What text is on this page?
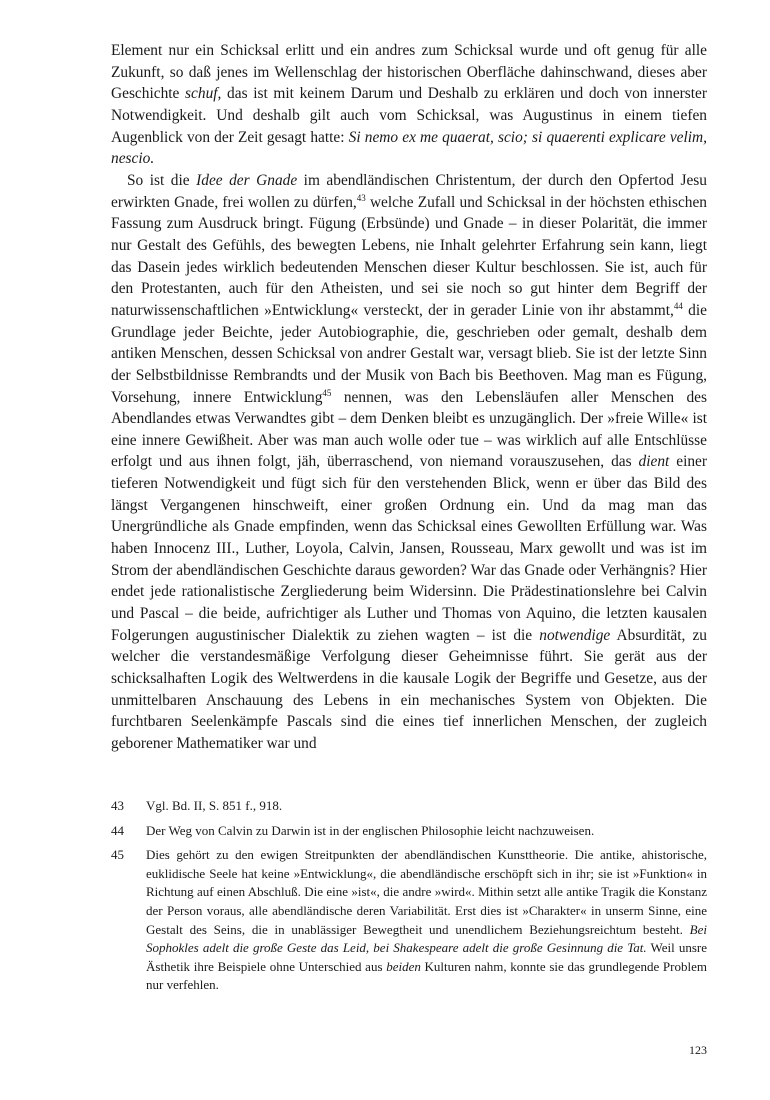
Element nur ein Schicksal erlitt und ein andres zum Schicksal wurde und oft genug für alle Zukunft, so daß jenes im Wellenschlag der historischen Oberfläche dahinschwand, dieses aber Geschichte schuf, das ist mit keinem Darum und Deshalb zu erklären und doch von innerster Notwendigkeit. Und deshalb gilt auch vom Schicksal, was Augustinus in einem tiefen Augenblick von der Zeit gesagt hatte: Si nemo ex me quaerat, scio; si quaerenti explicare velim, nescio.

So ist die Idee der Gnade im abendländischen Christentum, der durch den Opfertod Jesu erwirkten Gnade, frei wollen zu dürfen,$^{43}$ welche Zufall und Schicksal in der höchsten ethischen Fassung zum Ausdruck bringt. Fügung (Erbsünde) und Gnade – in dieser Polarität, die immer nur Gestalt des Gefühls, des bewegten Lebens, nie Inhalt gelehrter Erfahrung sein kann, liegt das Dasein jedes wirklich bedeutenden Menschen dieser Kultur beschlossen. Sie ist, auch für den Protestanten, auch für den Atheisten, und sei sie noch so gut hinter dem Begriff der naturwissenschaftlichen »Entwicklung« versteckt, der in gerader Linie von ihr abstammt,$^{44}$ die Grundlage jeder Beichte, jeder Autobiographie, die, geschrieben oder gemalt, deshalb dem antiken Menschen, dessen Schicksal von andrer Gestalt war, versagt blieb. Sie ist der letzte Sinn der Selbstbildnisse Rembrandts und der Musik von Bach bis Beethoven. Mag man es Fügung, Vorsehung, innere Entwicklung$^{45}$ nennen, was den Lebensläufen aller Menschen des Abendlandes etwas Verwandtes gibt – dem Denken bleibt es unzugänglich. Der »freie Wille« ist eine innere Gewißheit. Aber was man auch wolle oder tue – was wirklich auf alle Entschlüsse erfolgt und aus ihnen folgt, jäh, überraschend, von niemand vorauszusehen, das dient einer tieferen Notwendigkeit und fügt sich für den verstehenden Blick, wenn er über das Bild des längst Vergangenen hinschweift, einer großen Ordnung ein. Und da mag man das Unergründliche als Gnade empfinden, wenn das Schicksal eines Gewollten Erfüllung war. Was haben Innocenz III., Luther, Loyola, Calvin, Jansen, Rousseau, Marx gewollt und was ist im Strom der abendländischen Geschichte daraus geworden? War das Gnade oder Verhängnis? Hier endet jede rationalistische Zergliederung beim Widersinn. Die Prädestinationslehre bei Calvin und Pascal – die beide, aufrichtiger als Luther und Thomas von Aquino, die letzten kausalen Folgerungen augustinischer Dialektik zu ziehen wagten – ist die notwendige Absurdität, zu welcher die verstandesmäßige Verfolgung dieser Geheimnisse führt. Sie gerät aus der schicksalhaften Logik des Weltwerdens in die kausale Logik der Begriffe und Gesetze, aus der unmittelbaren Anschauung des Lebens in ein mechanisches System von Objekten. Die furchtbaren Seelenkämpfe Pascals sind die eines tief innerlichen Menschen, der zugleich geborener Mathematiker war und

43 Vgl. Bd. II, S. 851 f., 918.
44 Der Weg von Calvin zu Darwin ist in der englischen Philosophie leicht nachzuweisen.
45 Dies gehört zu den ewigen Streitpunkten der abendländischen Kunsttheorie. Die antike, ahistorische, euklidische Seele hat keine »Entwicklung«, die abendländische erschöpft sich in ihr; sie ist »Funktion« in Richtung auf einen Abschluß. Die eine »ist«, die andre »wird«. Mithin setzt alle antike Tragik die Konstanz der Person voraus, alle abendländische deren Variabilität. Erst dies ist »Charakter« in unserm Sinne, eine Gestalt des Seins, die in unablässiger Bewegtheit und unendlichem Beziehungsreichtum besteht. Bei Sophokles adelt die große Geste das Leid, bei Shakespeare adelt die große Gesinnung die Tat. Weil unsre Ästhetik ihre Beispiele ohne Unterschied aus beiden Kulturen nahm, konnte sie das grundlegende Problem nur verfehlen.
123
